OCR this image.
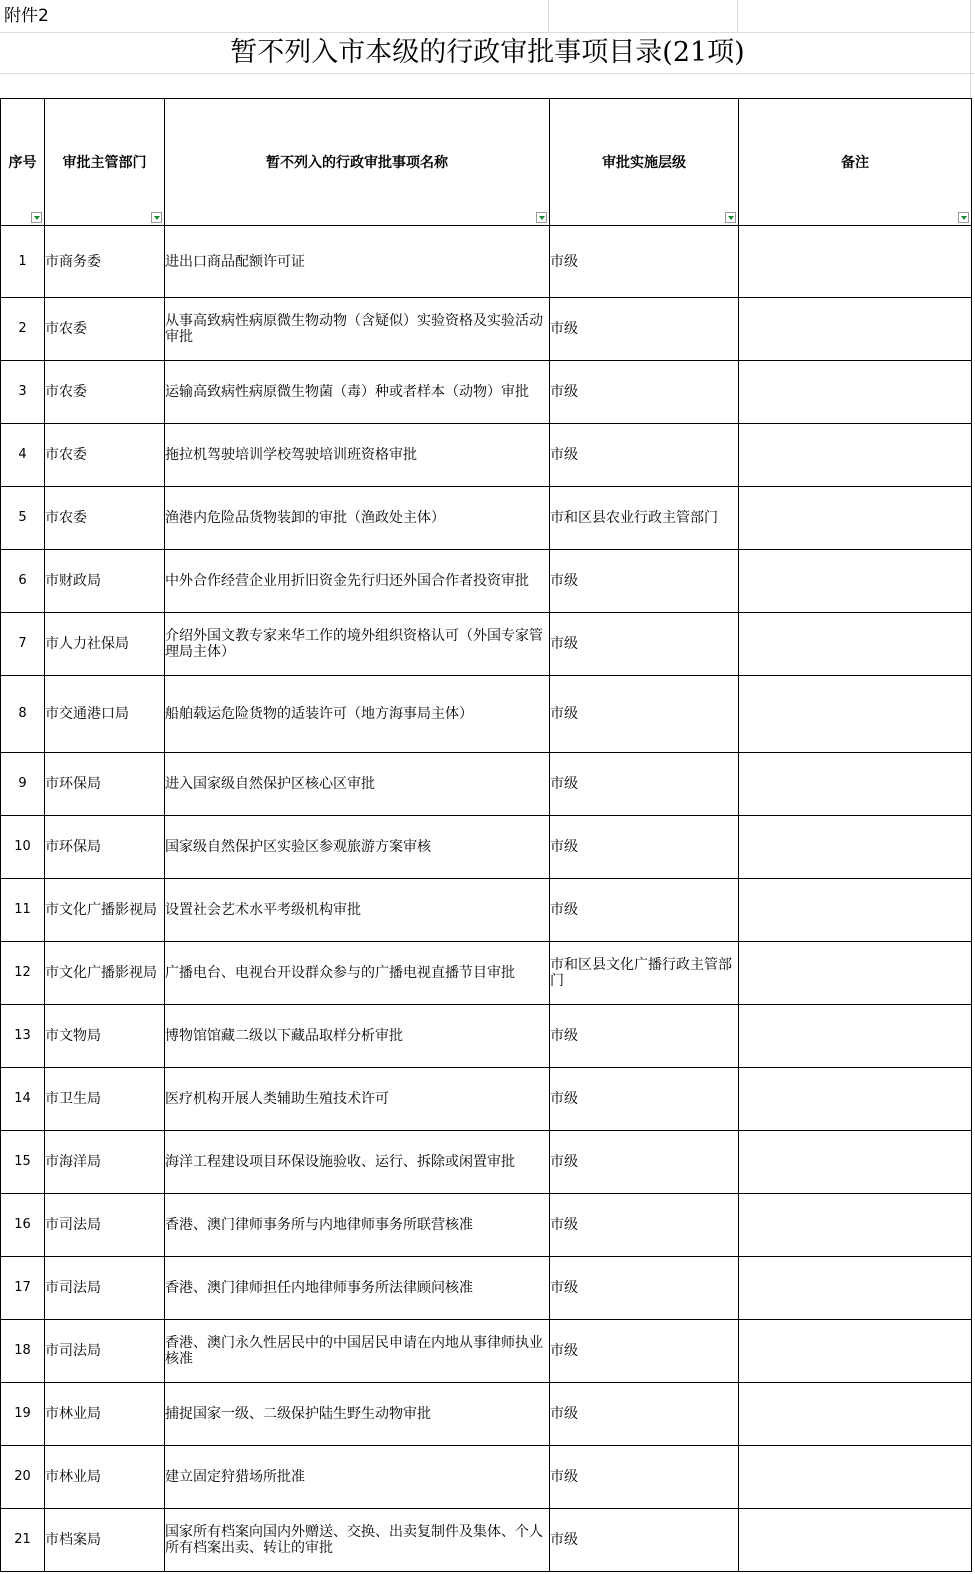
附件2
暂不列入市本级的行政审批事项目录(21项)
序号	审批主管部门	暂不列入的行政审批事项名称	审批实施层级	备注

1	市商务委	进出口商品配额许可证	市级	
2	市农委	从事高致病性病原微生物动物（含疑似）实验资格及实验活动审批	市级	
3	市农委	运输高致病性病原微生物菌（毒）种或者样本（动物）审批	市级	
4	市农委	拖拉机驾驶培训学校驾驶培训班资格审批	市级	
5	市农委	渔港内危险品货物装卸的审批（渔政处主体）	市和区县农业行政主管部门	
6	市财政局	中外合作经营企业用折旧资金先行归还外国合作者投资审批	市级	
7	市人力社保局	介绍外国文教专家来华工作的境外组织资格认可（外国专家管理局主体）	市级	
8	市交通港口局	船舶载运危险货物的适装许可（地方海事局主体）	市级	
9	市环保局	进入国家级自然保护区核心区审批	市级	
10	市环保局	国家级自然保护区实验区参观旅游方案审核	市级	
11	市文化广播影视局	设置社会艺术水平考级机构审批	市级	
12	市文化广播影视局	广播电台、电视台开设群众参与的广播电视直播节目审批	市和区县文化广播行政主管部门	
13	市文物局	博物馆馆藏二级以下藏品取样分析审批	市级	
14	市卫生局	医疗机构开展人类辅助生殖技术许可	市级	
15	市海洋局	海洋工程建设项目环保设施验收、运行、拆除或闲置审批	市级	
16	市司法局	香港、澳门律师事务所与内地律师事务所联营核准	市级	
17	市司法局	香港、澳门律师担任内地律师事务所法律顾问核准	市级	
18	市司法局	香港、澳门永久性居民中的中国居民申请在内地从事律师执业核准	市级	
19	市林业局	捕捉国家一级、二级保护陆生野生动物审批	市级	
20	市林业局	建立固定狩猎场所批准	市级	
21	市档案局	国家所有档案向国内外赠送、交换、出卖复制件及集体、个人所有档案出卖、转让的审批	市级	
